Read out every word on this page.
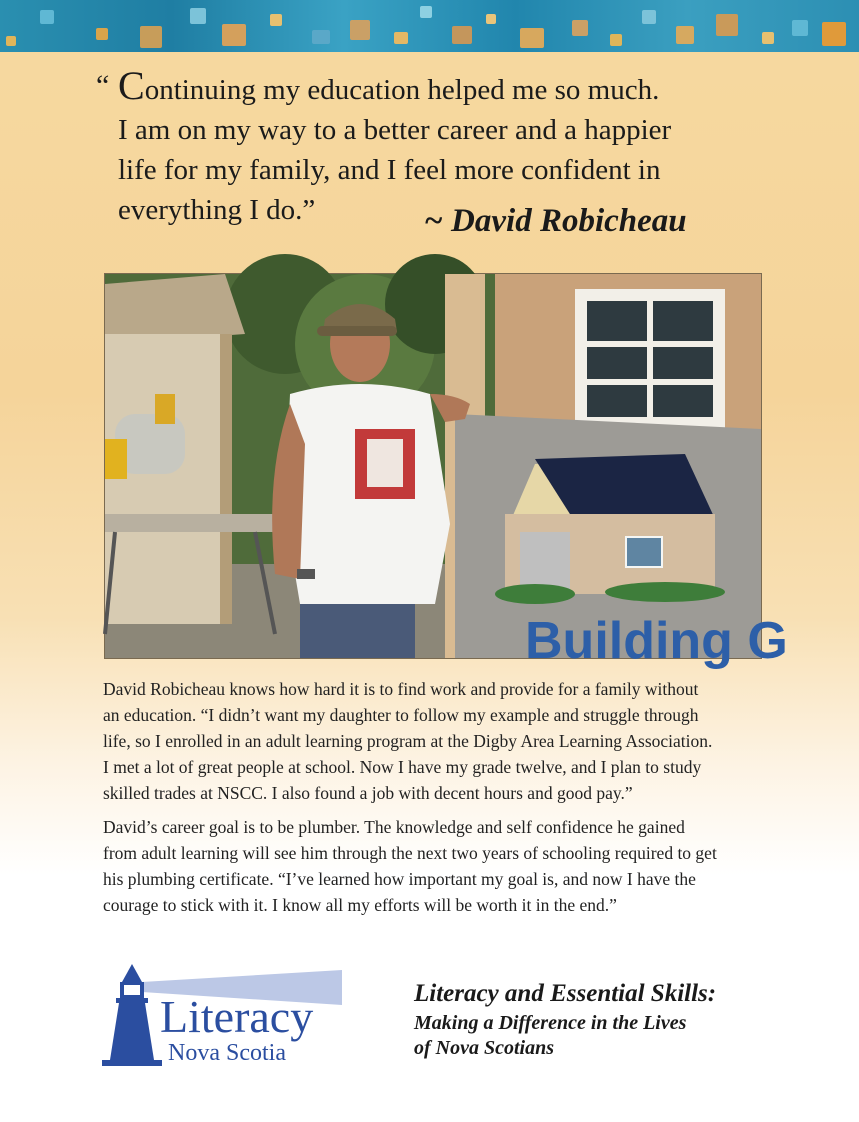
“ Continuing my education helped me so much.
I am on my way to a better career and a happier
life for my family, and I feel more confident in
everything I do.”	~ David Robicheau
Building G

David Robicheau knows how hard it is to find work and provide for a family without
an education. “I didn’t want my daughter to follow my example and struggle through
life, so I enrolled in an adult learning program at the Digby Area Learning Association.
I met a lot of great people at school. Now I have my grade twelve, and I plan to study
skilled trades at NSCC. I also found a job with decent hours and good pay.”

David’s career goal is to be plumber. The knowledge and self confidence he gained
from adult learning will see him through the next two years of schooling required to get
his plumbing certificate. “I’ve learned how important my goal is, and now I have the
courage to stick with it. I know all my efforts will be worth it in the end.”

Literacy
Nova Scotia
Literacy and Essential Skills:
Making a Difference in the Lives
of Nova Scotians
